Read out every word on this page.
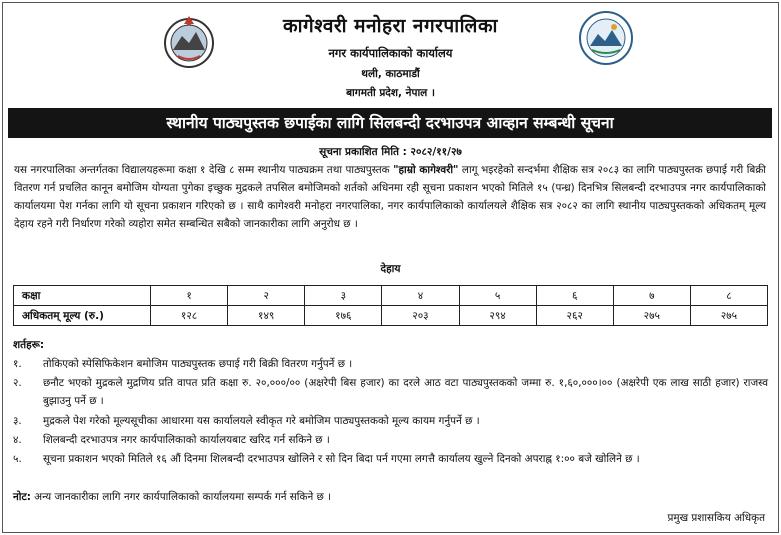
कागेश्वरी मनोहरा नगरपालिका
नगर कार्यपालिकाको कार्यालय
थली, काठमाडौं
बागमती प्रदेश, नेपाल ।
स्थानीय पाठ्यपुस्तक छपाईका लागि सिलबन्दी दरभाउपत्र आव्हान सम्बन्धी सूचना
सूचना प्रकाशित मिति : २०८२/११/२७
यस नगरपालिका अन्तर्गतका विद्यालयहरूमा कक्षा १ देखि ८ सम्म स्थानीय पाठ्यक्रम तथा पाठ्यपुस्तक "हाम्रो कागेश्वरी" लागू भइरहेको सन्दर्भमा शैक्षिक सत्र २०८३ का लागि पाठ्यपुस्तक छपाई गरी बिक्री वितरण गर्न प्रचलित कानून बमोजिम योग्यता पुगेका इच्छुक मुद्रकले तपसिल बमोजिमको शर्तको अधिनमा रही सूचना प्रकाशन भएको मितिले १५ (पन्ध्र) दिनभित्र सिलबन्दी दरभाउपत्र नगर कार्यपालिकाको कार्यालयमा पेश गर्नका लागि यो सूचना प्रकाशन गरिएको छ । साथै कागेश्वरी मनोहरा नगरपालिका, नगर कार्यपालिकाको कार्यालयले शैक्षिक सत्र २०८२ का लागि स्थानीय पाठ्यपुस्तकको अधिकतम् मूल्य देहाय रहने गरी निर्धारण गरेको व्यहोरा समेत सम्बन्धित सबैको जानकारीका लागि अनुरोध छ ।
देहाय
कक्षा	१	२	३	४	५	६	७	८
अधिकतम् मूल्य (रु.)	१२८	१४९	१७६	२०३	२९४	२६२	२७५	२७५
शर्तहरू:
१.	तोकिएको स्पेसिफिकेशन बमोजिम पाठ्यपुस्तक छपाई गरी बिक्री वितरण गर्नुपर्ने छ ।
२.	छनौट भएको मुद्रकले मुद्रणिय प्रति वापत प्रति कक्षा रु. २०,०००/०० (अक्षरेपी बिस हजार) का दरले आठ वटा पाठ्यपुस्तकको जम्मा रु. १,६०,०००।०० (अक्षरेपी एक लाख साठी हजार) राजस्व बुझाउनु पर्ने छ ।
३.	मुद्रकले पेश गरेको मूल्यसूचीका आधारमा यस कार्यालयले स्वीकृत गरे बमोजिम पाठ्यपुस्तकको मूल्य कायम गर्नुपर्ने छ ।
४.	शिलबन्दी दरभाउपत्र नगर कार्यपालिकाको कार्यालयबाट खरिद गर्न सकिने छ ।
५.	सूचना प्रकाशन भएको मितिले १६ औं दिनमा शिलबन्दी दरभाउपत्र खोलिने र सो दिन बिदा पर्न गएमा लगत्तै कार्यालय खुल्ने दिनको अपराह्न १:०० बजे खोलिने छ ।
नोट: अन्य जानकारीका लागि नगर कार्यपालिकाको कार्यालयमा सम्पर्क गर्न सकिने छ ।
प्रमुख प्रशासकिय अधिकृत
